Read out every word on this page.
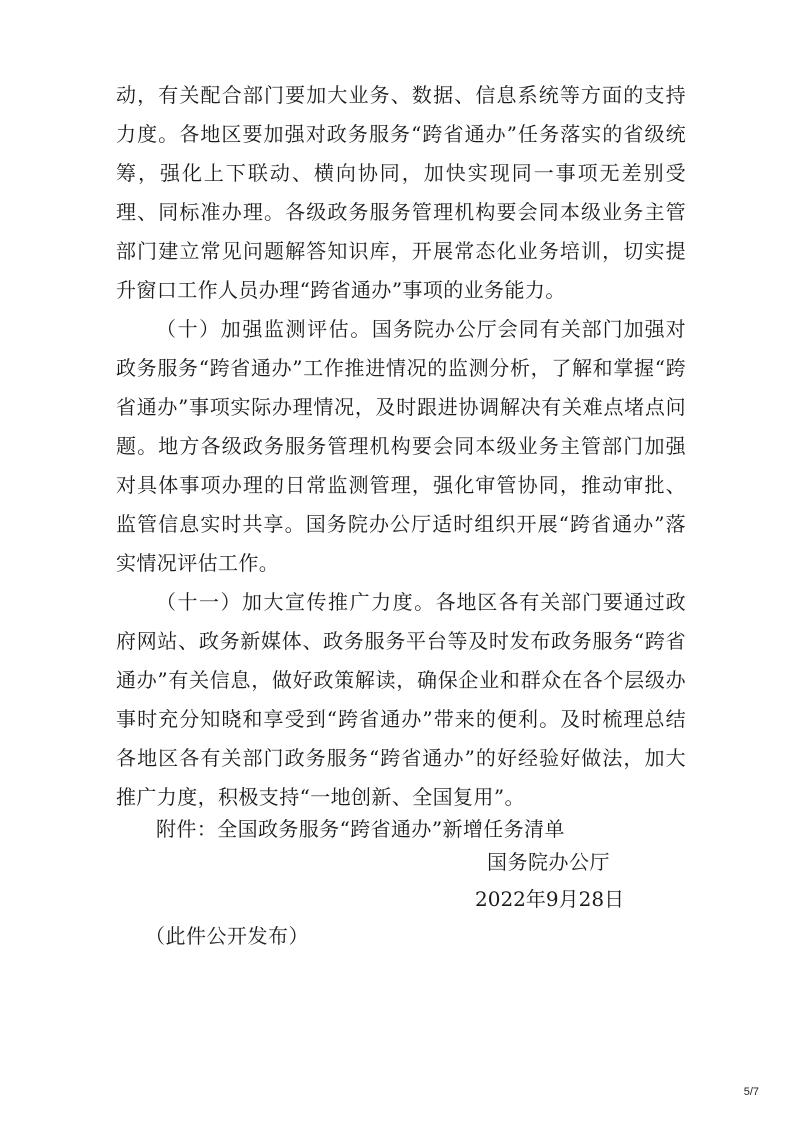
动，有关配合部门要加大业务、数据、信息系统等方面的支持力度。各地区要加强对政务服务“跨省通办”任务落实的省级统筹，强化上下联动、横向协同，加快实现同一事项无差别受理、同标准办理。各级政务服务管理机构要会同本级业务主管部门建立常见问题解答知识库，开展常态化业务培训，切实提升窗口工作人员办理“跨省通办”事项的业务能力。

（十）加强监测评估。国务院办公厅会同有关部门加强对政务服务“跨省通办”工作推进情况的监测分析，了解和掌握“跨省通办”事项实际办理情况，及时跟进协调解决有关难点堵点问题。地方各级政务服务管理机构要会同本级业务主管部门加强对具体事项办理的日常监测管理，强化审管协同，推动审批、监管信息实时共享。国务院办公厅适时组织开展“跨省通办”落实情况评估工作。

（十一）加大宣传推广力度。各地区各有关部门要通过政府网站、政务新媒体、政务服务平台等及时发布政务服务“跨省通办”有关信息，做好政策解读，确保企业和群众在各个层级办事时充分知晓和享受到“跨省通办”带来的便利。及时梳理总结各地区各有关部门政务服务“跨省通办”的好经验好做法，加大推广力度，积极支持“一地创新、全国复用”。

附件：全国政务服务“跨省通办”新增任务清单
国务院办公厅
2022年9月28日
（此件公开发布）
5/7
